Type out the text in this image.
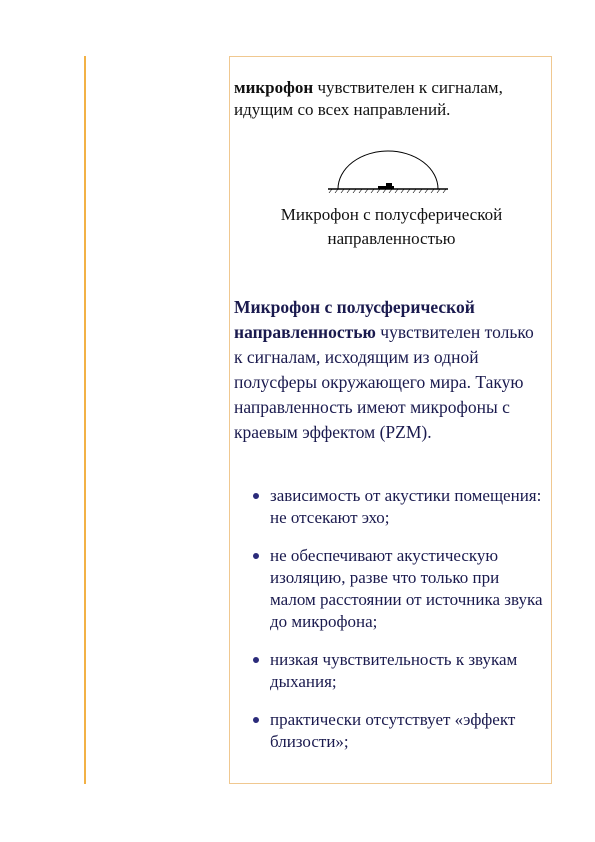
микрофон чувствителен к сигналам, идущим со всех направлений.

Микрофон с полусферической направленностью

Микрофон с полусферической направленностью чувствителен только к сигналам, исходящим из одной полусферы окружающего мира. Такую направленность имеют микрофоны с краевым эффектом (PZM).

зависимость от акустики помещения: не отсекают эхо;
не обеспечивают акустическую изоляцию, разве что только при малом расстоянии от источника звука до микрофона;
низкая чувствительность к звукам дыхания;
практически отсутствует «эффект близости»;
